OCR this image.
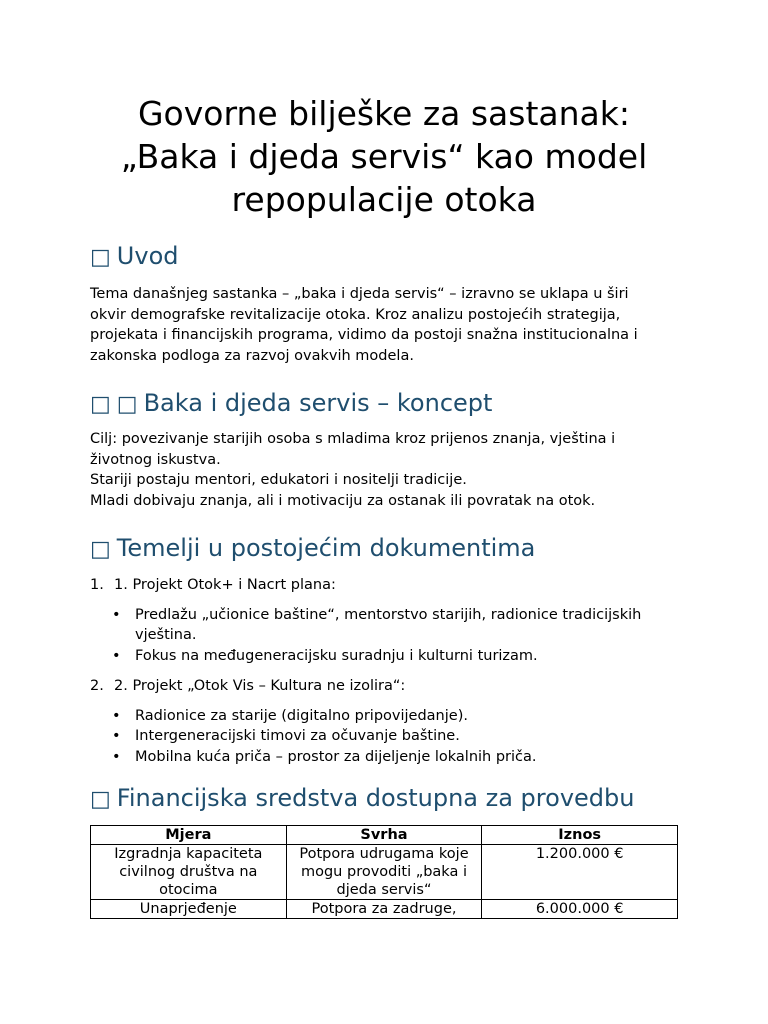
Govorne bilješke za sastanak:
„Baka i djeda servis“ kao model
repopulacije otoka
□ Uvod

Tema današnjeg sastanka – „baka i djeda servis“ – izravno se uklapa u širi
okvir demografske revitalizacije otoka. Kroz analizu postojećih strategija,
projekata i financijskih programa, vidimo da postoji snažna institucionalna i
zakonska podloga za razvoj ovakvih modela.

□ □ Baka i djeda servis – koncept

Cilj: povezivanje starijih osoba s mladima kroz prijenos znanja, vještina i
životnog iskustva.
Stariji postaju mentori, edukatori i nositelji tradicije.
Mladi dobivaju znanja, ali i motivaciju za ostanak ili povratak na otok.

□ Temelji u postojećim dokumentima
1. 1. Projekt Otok+ i Nacrt plana:
• Predlažu „učionice baštine“, mentorstvo starijih, radionice tradicijskih
vještina.
• Fokus na međugeneracijsku suradnju i kulturni turizam.
2. 2. Projekt „Otok Vis – Kultura ne izolira“:
• Radionice za starije (digitalno pripovijedanje).
• Intergeneracijski timovi za očuvanje baštine.
• Mobilna kuća priča – prostor za dijeljenje lokalnih priča.
□ Financijska sredstva dostupna za provedbu
Mjera	Svrha	Iznos
Izgradnja kapaciteta
civilnog društva na
otocima	Potpora udrugama koje
mogu provoditi „baka i
djeda servis“	1.200.000 €
Unaprjeđenje	Potpora za zadruge,	6.000.000 €
